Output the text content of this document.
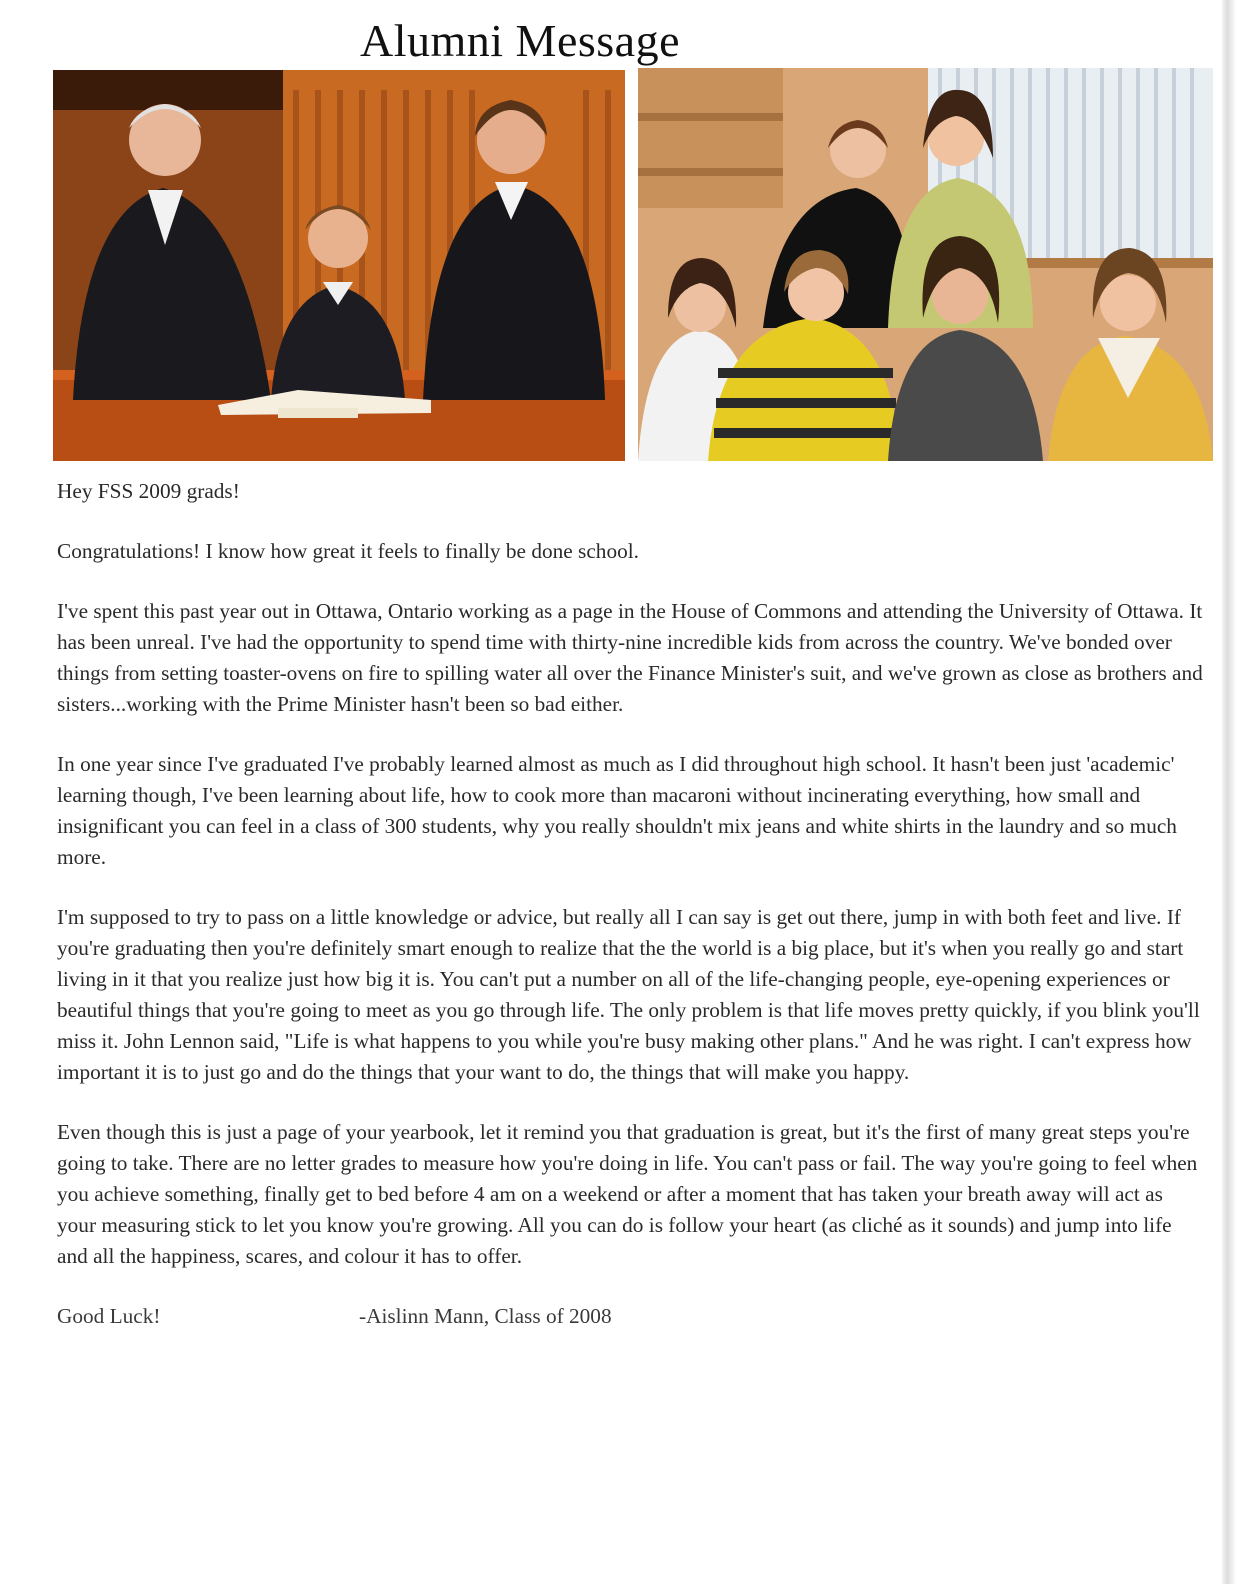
Alumni Message

Hey FSS 2009 grads!

Congratulations! I know how great it feels to finally be done school.

I've spent this past year out in Ottawa, Ontario working as a page in the House of Commons and attending the University of Ottawa. It has been unreal. I've had the opportunity to spend time with thirty-nine incredible kids from across the country. We've bonded over things from setting toaster-ovens on fire to spilling water all over the Finance Minister's suit, and we've grown as close as brothers and sisters...working with the Prime Minister hasn't been so bad either.

In one year since I've graduated I've probably learned almost as much as I did throughout high school. It hasn't been just 'academic' learning though, I've been learning about life, how to cook more than macaroni without incinerating everything, how small and insignificant you can feel in a class of 300 students, why you really shouldn't mix jeans and white shirts in the laundry and so much more.

I'm supposed to try to pass on a little knowledge or advice, but really all I can say is get out there, jump in with both feet and live. If you're graduating then you're definitely smart enough to realize that the the world is a big place, but it's when you really go and start living in it that you realize just how big it is. You can't put a number on all of the life-changing people, eye-opening experiences or beautiful things that you're going to meet as you go through life. The only problem is that life moves pretty quickly, if you blink you'll miss it. John Lennon said, "Life is what happens to you while you're busy making other plans." And he was right. I can't express how important it is to just go and do the things that your want to do, the things that will make you happy.

Even though this is just a page of your yearbook, let it remind you that graduation is great, but it's the first of many great steps you're going to take. There are no letter grades to measure how you're doing in life. You can't pass or fail. The way you're going to feel when you achieve something, finally get to bed before 4 am on a weekend or after a moment that has taken your breath away will act as your measuring stick to let you know you're growing. All you can do is follow your heart (as cliché as it sounds) and jump into life and all the happiness, scares, and colour it has to offer.

Good Luck!	-Aislinn Mann, Class of 2008
